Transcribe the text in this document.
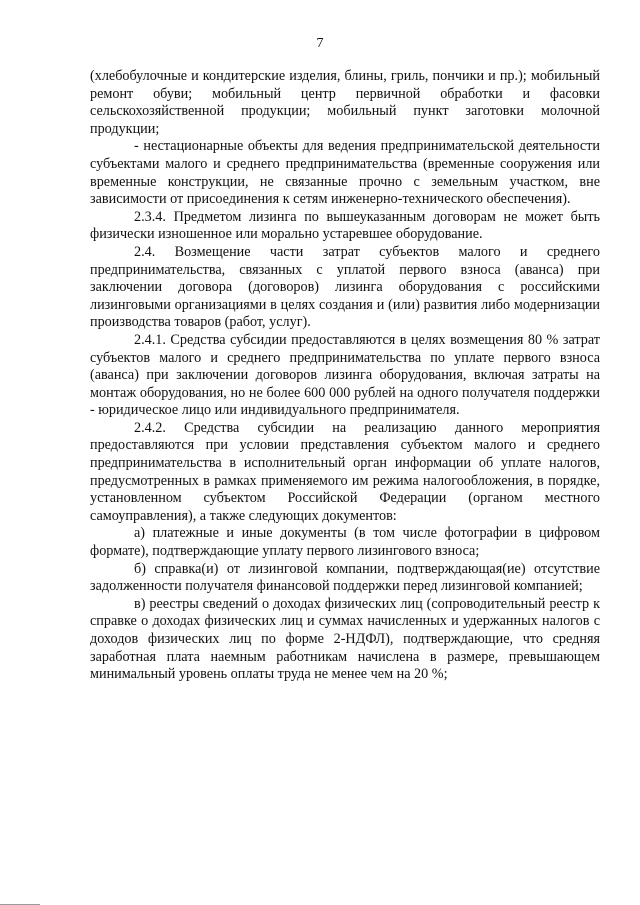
7

(хлебобулочные и кондитерские изделия, блины, гриль, пончики и пр.); мобильный ремонт обуви; мобильный центр первичной обработки и фасовки сельскохозяйственной продукции; мобильный пункт заготовки молочной продукции;

- нестационарные объекты для ведения предпринимательской деятельности субъектами малого и среднего предпринимательства (временные сооружения или временные конструкции, не связанные прочно с земельным участком, вне зависимости от присоединения к сетям инженерно-технического обеспечения).

2.3.4. Предметом лизинга по вышеуказанным договорам не может быть физически изношенное или морально устаревшее оборудование.

2.4. Возмещение части затрат субъектов малого и среднего предпринимательства, связанных с уплатой первого взноса (аванса) при заключении договора (договоров) лизинга оборудования с российскими лизинговыми организациями в целях создания и (или) развития либо модернизации производства товаров (работ, услуг).

2.4.1. Средства субсидии предоставляются в целях возмещения 80 % затрат субъектов малого и среднего предпринимательства по уплате первого взноса (аванса) при заключении договоров лизинга оборудования, включая затраты на монтаж оборудования, но не более 600 000 рублей на одного получателя поддержки - юридическое лицо или индивидуального предпринимателя.

2.4.2. Средства субсидии на реализацию данного мероприятия предоставляются при условии представления субъектом малого и среднего предпринимательства в исполнительный орган информации об уплате налогов, предусмотренных в рамках применяемого им режима налогообложения, в порядке, установленном субъектом Российской Федерации (органом местного самоуправления), а также следующих документов:

а) платежные и иные документы (в том числе фотографии в цифровом формате), подтверждающие уплату первого лизингового взноса;

б) справка(и) от лизинговой компании, подтверждающая(ие) отсутствие задолженности получателя финансовой поддержки перед лизинговой компанией;

в) реестры сведений о доходах физических лиц (сопроводительный реестр к справке о доходах физических лиц и суммах начисленных и удержанных налогов с доходов физических лиц по форме 2-НДФЛ), подтверждающие, что средняя заработная плата наемным работникам начислена в размере, превышающем минимальный уровень оплаты труда не менее чем на 20 %;
